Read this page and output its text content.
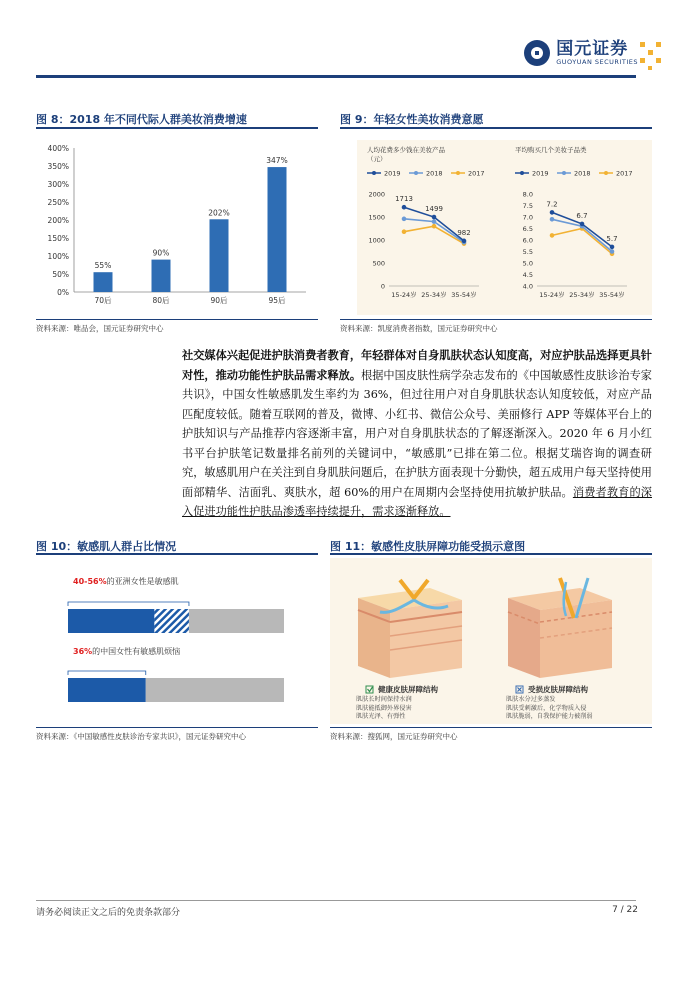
国元证券
GUOYUAN SECURITIES
图 8：2018 年不同代际人群美妆消费增速
0%
50%
100%
150%
200%
250%
300%
350%
400%
55%
70后
90%
80后
202%
90后
347%
95后
资料来源：唯品会，国元证券研究中心
图 9：年轻女性美妆消费意愿
人均花费多少钱在美妆产品
（元）
2019	2018	2017
0
500
1000
1500
2000
15-24岁 25-34岁 35-54岁
1713
1499
982
平均购买几个美妆子品类
2019	2018	2017
4.0
4.5
5.0
5.5
6.0
6.5
7.0
7.5
8.0
15-24岁 25-34岁 35-54岁
7.2
6.7
5.7
资料来源：凯度消费者指数，国元证券研究中心
社交媒体兴起促进护肤消费者教育，年轻群体对自身肌肤状态认知度高，对应护肤品选择更具针对性，推动功能性护肤品需求释放。根据中国皮肤性病学杂志发布的《中国敏感性皮肤诊治专家共识》，中国女性敏感肌发生率约为 36%，但过往用户对自身肌肤状态认知度较低，对应产品匹配度较低。随着互联网的普及，微博、小红书、微信公众号、美丽修行 APP 等媒体平台上的护肤知识与产品推荐内容逐渐丰富，用户对自身肌肤状态的了解逐渐深入。2020 年 6 月小红书平台护肤笔记数量排名前列的关键词中，“敏感肌”已排在第二位。根据艾瑞咨询的调查研究，敏感肌用户在关注到自身肌肤问题后，在护肤方面表现十分勤快，超五成用户每天坚持使用面部精华、洁面乳、爽肤水，超 60%的用户在周期内会坚持使用抗敏护肤品。消费者教育的深入促进功能性护肤品渗透率持续提升，需求逐渐释放。
图 10：敏感肌人群占比情况
40-56%的亚洲女性是敏感肌
36%的中国女性有敏感肌烦恼
资料来源：《中国敏感性皮肤诊治专家共识》，国元证券研究中心
图 11：敏感性皮肤屏障功能受损示意图
健康皮肤屏障结构
肌肤长时间保持水润
肌肤能抵御外界侵害
肌肤光泽、有弹性
受损皮肤屏障结构
肌肤水分过多蒸发
肌肤受刺激后，化学物质入侵
肌肤脆弱，自我保护能力被削弱
资料来源：搜狐网，国元证券研究中心
请务必阅读正文之后的免责条款部分	7 / 22
